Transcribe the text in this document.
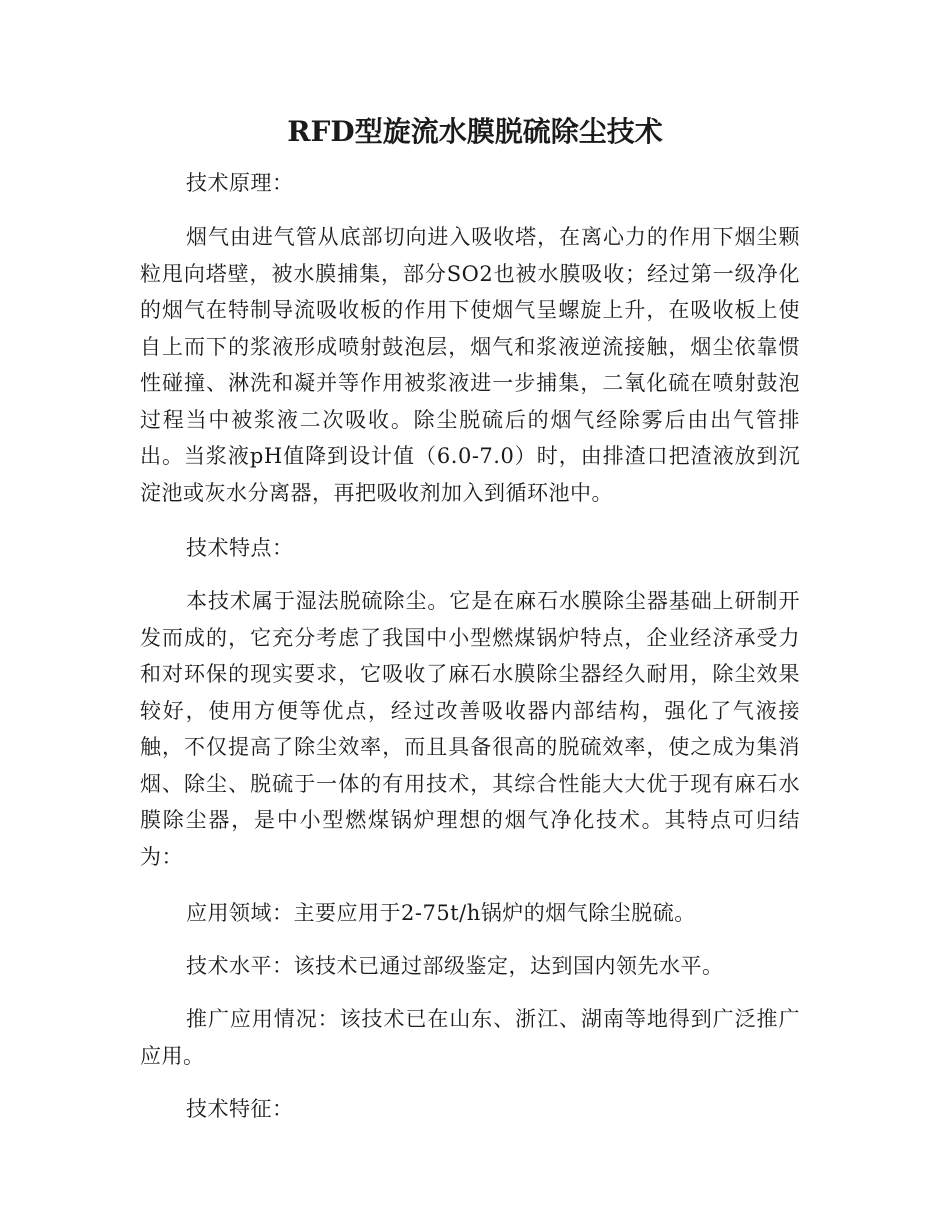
RFD型旋流水膜脱硫除尘技术

技术原理：

烟气由进气管从底部切向进入吸收塔，在离心力的作用下烟尘颗粒甩向塔壁，被水膜捕集，部分SO2也被水膜吸收；经过第一级净化的烟气在特制导流吸收板的作用下使烟气呈螺旋上升，在吸收板上使自上而下的浆液形成喷射鼓泡层，烟气和浆液逆流接触，烟尘依靠惯性碰撞、淋洗和凝并等作用被浆液进一步捕集，二氧化硫在喷射鼓泡过程当中被浆液二次吸收。除尘脱硫后的烟气经除雾后由出气管排出。当浆液pH值降到设计值（6.0-7.0）时，由排渣口把渣液放到沉淀池或灰水分离器，再把吸收剂加入到循环池中。

技术特点：

本技术属于湿法脱硫除尘。它是在麻石水膜除尘器基础上研制开发而成的，它充分考虑了我国中小型燃煤锅炉特点，企业经济承受力和对环保的现实要求，它吸收了麻石水膜除尘器经久耐用，除尘效果较好，使用方便等优点，经过改善吸收器内部结构，强化了气液接触，不仅提高了除尘效率，而且具备很高的脱硫效率，使之成为集消烟、除尘、脱硫于一体的有用技术，其综合性能大大优于现有麻石水膜除尘器，是中小型燃煤锅炉理想的烟气净化技术。其特点可归结为：

应用领域：主要应用于2-75t/h锅炉的烟气除尘脱硫。

技术水平：该技术已通过部级鉴定，达到国内领先水平。

推广应用情况：该技术已在山东、浙江、湖南等地得到广泛推广应用。

技术特征：
